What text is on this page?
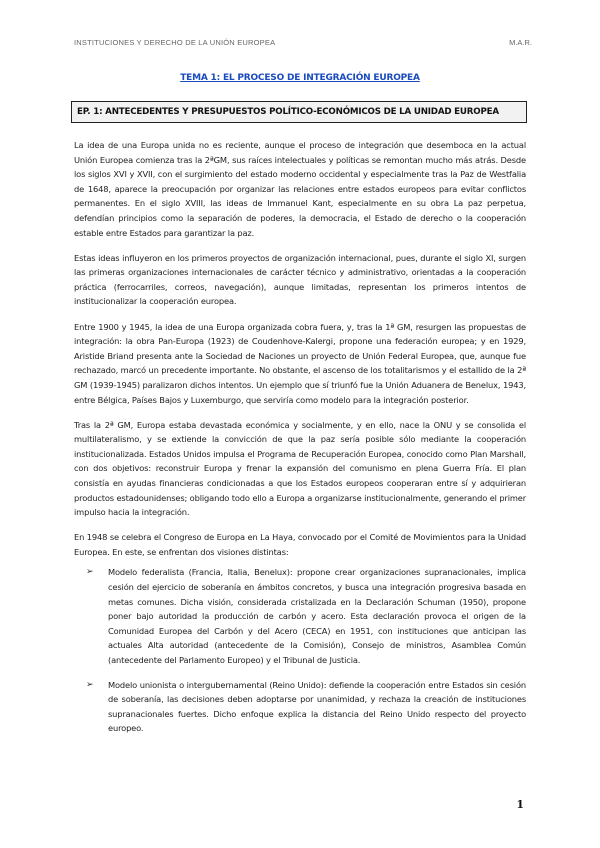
INSTITUCIONES Y DERECHO DE LA UNIÓN EUROPEA	M.A.R.
TEMA 1: EL PROCESO DE INTEGRACIÓN EUROPEA
EP. 1: ANTECEDENTES Y PRESUPUESTOS POLÍTICO-ECONÓMICOS DE LA UNIDAD EUROPEA

La idea de una Europa unida no es reciente, aunque el proceso de integración que desemboca en la actual Unión Europea comienza tras la 2ªGM, sus raíces intelectuales y políticas se remontan mucho más atrás. Desde los siglos XVI y XVII, con el surgimiento del estado moderno occidental y especialmente tras la Paz de Westfalia de 1648, aparece la preocupación por organizar las relaciones entre estados europeos para evitar conflictos permanentes. En el siglo XVIII, las ideas de Immanuel Kant, especialmente en su obra La paz perpetua, defendían principios como la separación de poderes, la democracia, el Estado de derecho o la cooperación estable entre Estados para garantizar la paz.

Estas ideas influyeron en los primeros proyectos de organización internacional, pues, durante el siglo XI, surgen las primeras organizaciones internacionales de carácter técnico y administrativo, orientadas a la cooperación práctica (ferrocarriles, correos, navegación), aunque limitadas, representan los primeros intentos de institucionalizar la cooperación europea.

Entre 1900 y 1945, la idea de una Europa organizada cobra fuera, y, tras la 1ª GM, resurgen las propuestas de integración: la obra Pan-Europa (1923) de Coudenhove-Kalergi, propone una federación europea; y en 1929, Aristide Briand presenta ante la Sociedad de Naciones un proyecto de Unión Federal Europea, que, aunque fue rechazado, marcó un precedente importante. No obstante, el ascenso de los totalitarismos y el estallido de la 2ª GM (1939-1945) paralizaron dichos intentos. Un ejemplo que sí triunfó fue la Unión Aduanera de Benelux, 1943, entre Bélgica, Países Bajos y Luxemburgo, que serviría como modelo para la integración posterior.

Tras la 2ª GM, Europa estaba devastada económica y socialmente, y en ello, nace la ONU y se consolida el multilateralismo, y se extiende la convicción de que la paz sería posible sólo mediante la cooperación institucionalizada. Estados Unidos impulsa el Programa de Recuperación Europea, conocido como Plan Marshall, con dos objetivos: reconstruir Europa y frenar la expansión del comunismo en plena Guerra Fría. El plan consistía en ayudas financieras condicionadas a que los Estados europeos cooperaran entre sí y adquirieran productos estadounidenses; obligando todo ello a Europa a organizarse institucionalmente, generando el primer impulso hacia la integración.

En 1948 se celebra el Congreso de Europa en La Haya, convocado por el Comité de Movimientos para la Unidad Europea. En este, se enfrentan dos visiones distintas:

➢ Modelo federalista (Francia, Italia, Benelux): propone crear organizaciones supranacionales, implica cesión del ejercicio de soberanía en ámbitos concretos, y busca una integración progresiva basada en metas comunes. Dicha visión, considerada cristalizada en la Declaración Schuman (1950), propone poner bajo autoridad la producción de carbón y acero. Esta declaración provoca el origen de la Comunidad Europea del Carbón y del Acero (CECA) en 1951, con instituciones que anticipan las actuales Alta autoridad (antecedente de la Comisión), Consejo de ministros, Asamblea Común (antecedente del Parlamento Europeo) y el Tribunal de Justicia.
➢ Modelo unionista o intergubernamental (Reino Unido): defiende la cooperación entre Estados sin cesión de soberanía, las decisiones deben adoptarse por unanimidad, y rechaza la creación de instituciones supranacionales fuertes. Dicho enfoque explica la distancia del Reino Unido respecto del proyecto europeo.
1
